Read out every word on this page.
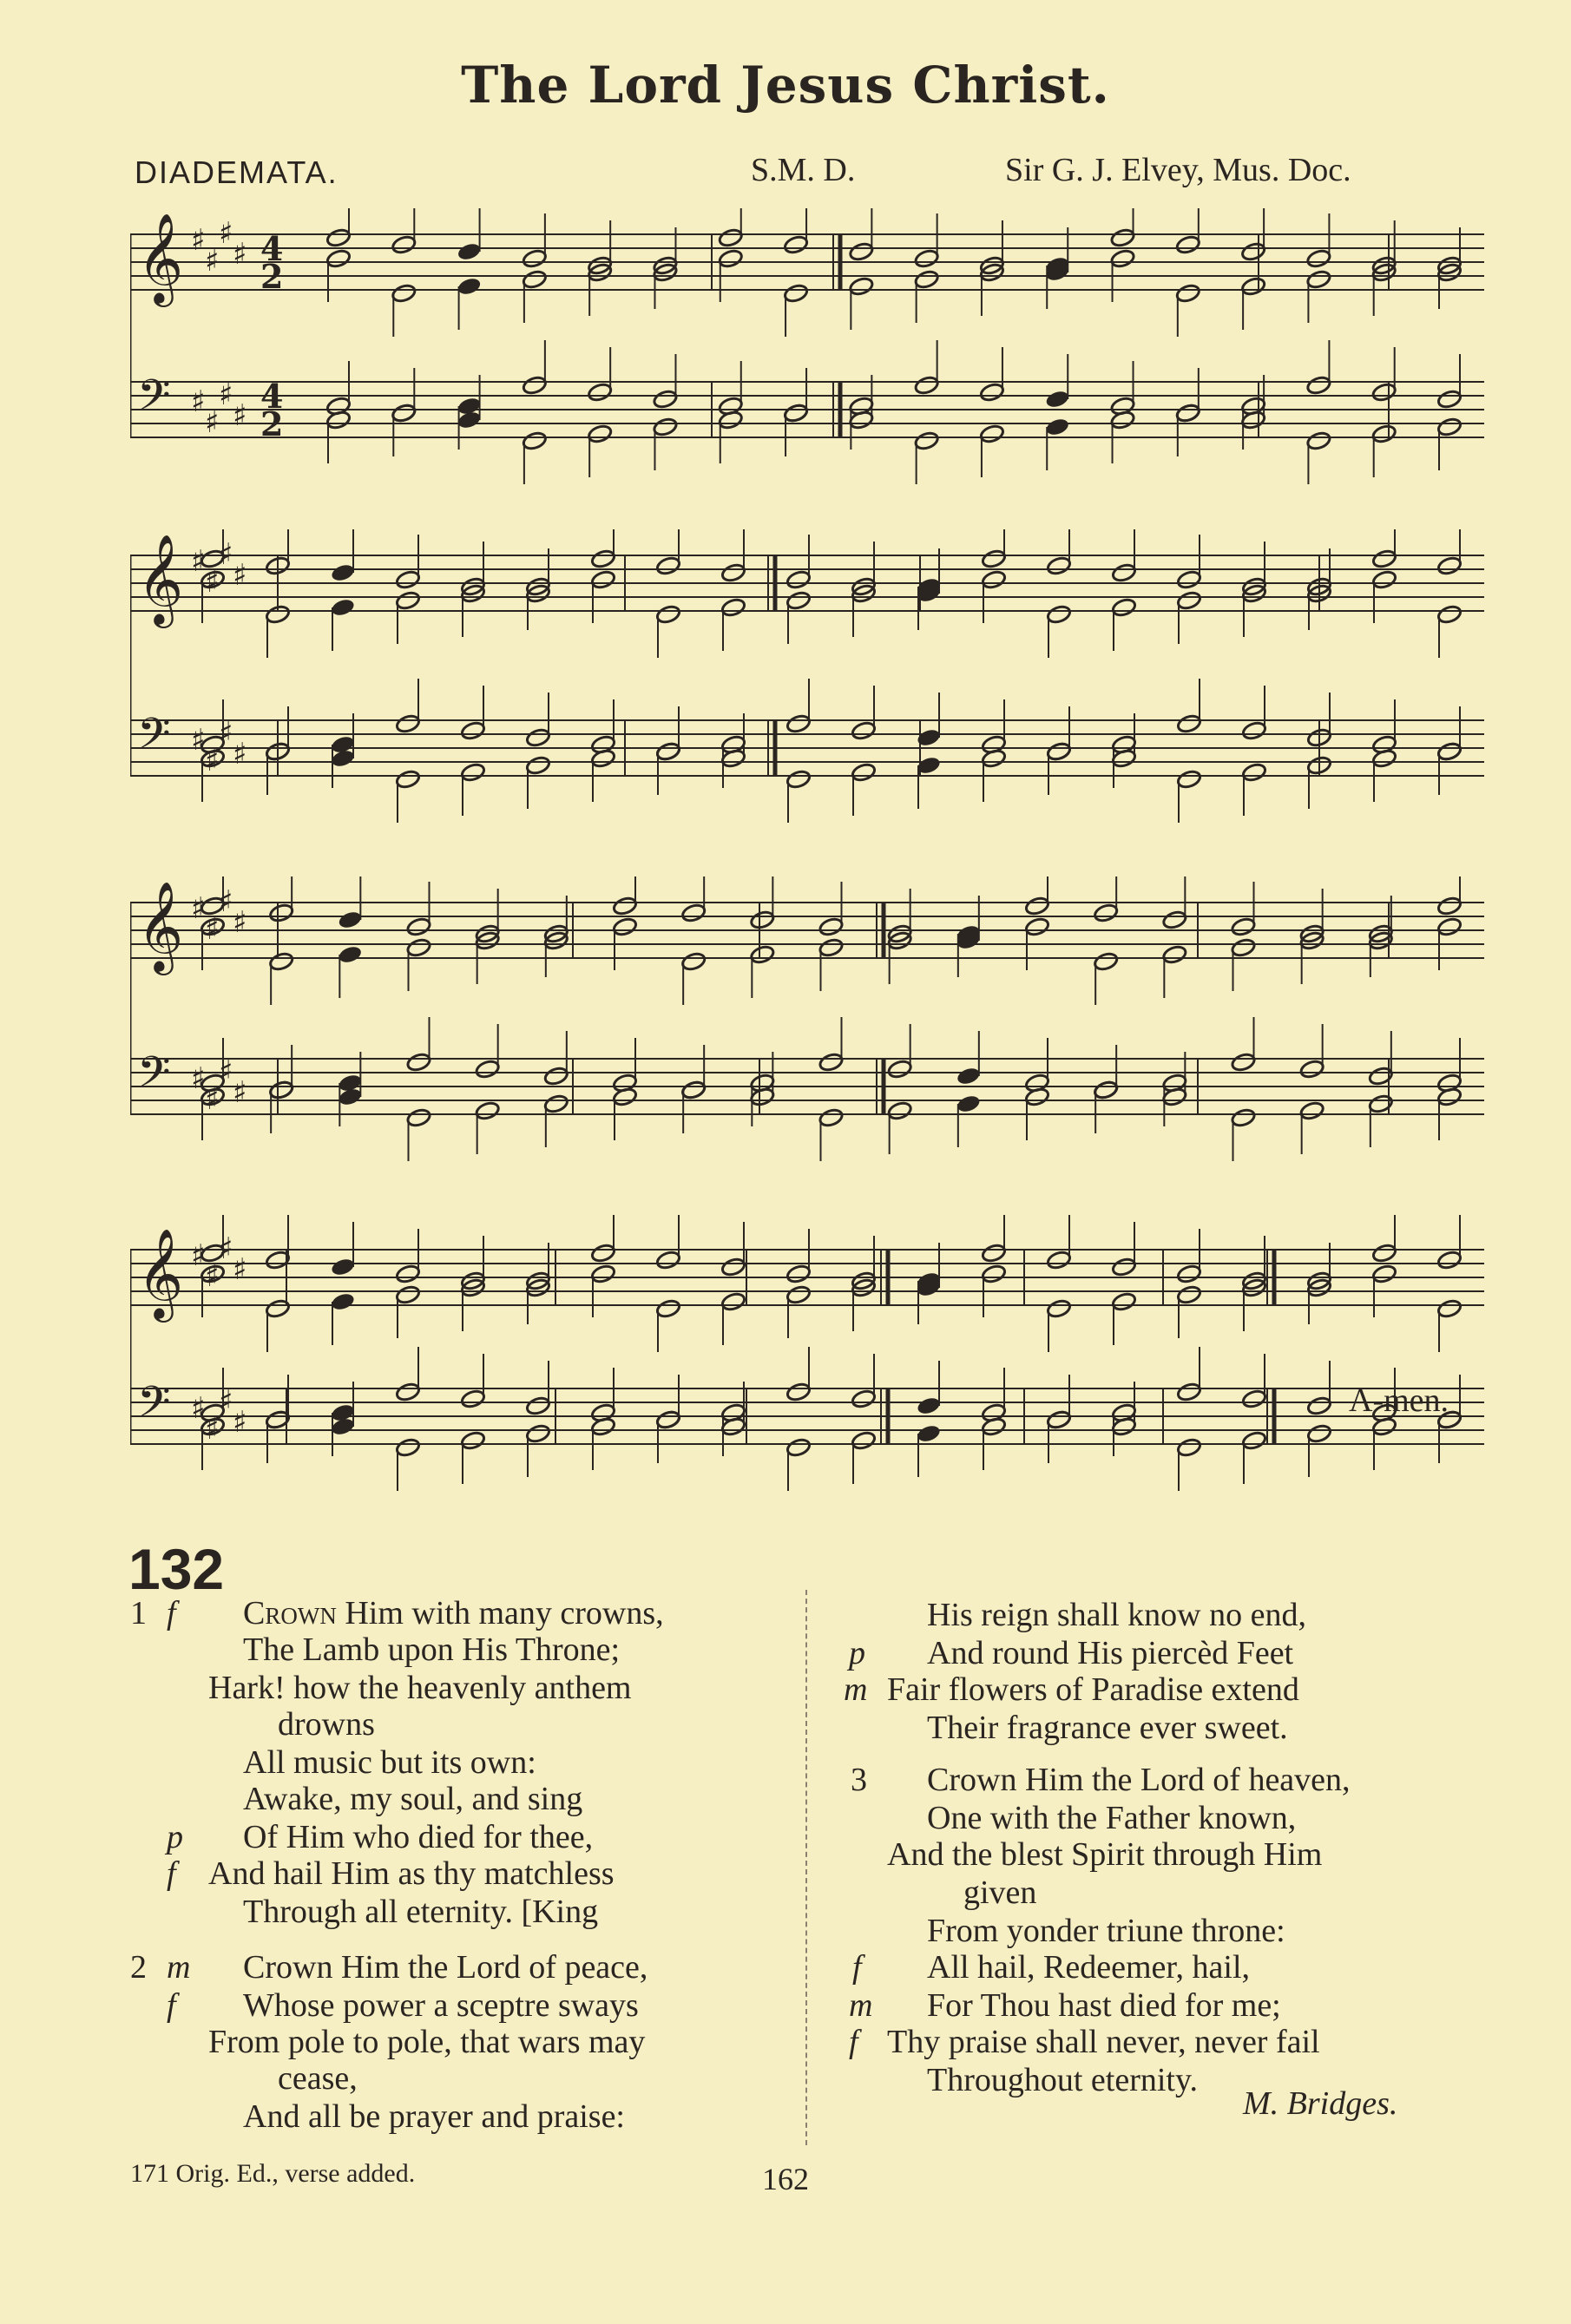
The Lord Jesus Christ.
DIADEMATA.	S.M. D.	Sir G. J. Elvey, Mus. Doc.
𝄞 ♯
♯
♯
♯ 4
2
𝄢 ♯
♯
♯
♯ 4
2
𝄞 ♯
♯
♯
♯
𝄢 ♯
♯
♯
♯
𝄞 ♯
♯
♯
♯
𝄢 ♯
♯
♯
♯
𝄞 ♯
♯
♯
♯
𝄢 ♯
♯
♯
♯
A-men.
132
1 f Crown Him with many crowns,
The Lamb upon His Throne;
Hark! how the heavenly anthem
drowns
All music but its own:
Awake, my soul, and sing
p Of Him who died for thee,
f And hail Him as thy matchless
Through all eternity. [King
2 m Crown Him the Lord of peace,
f Whose power a sceptre sways
From pole to pole, that wars may
cease,
And all be prayer and praise:
His reign shall know no end,
p And round His piercèd Feet
m Fair flowers of Paradise extend
Their fragrance ever sweet.
3 Crown Him the Lord of heaven,
One with the Father known,
And the blest Spirit through Him
given
From yonder triune throne:
f All hail, Redeemer, hail,
m For Thou hast died for me;
f Thy praise shall never, never fail
Throughout eternity.
M. Bridges.
171 Orig. Ed., verse added.	162
